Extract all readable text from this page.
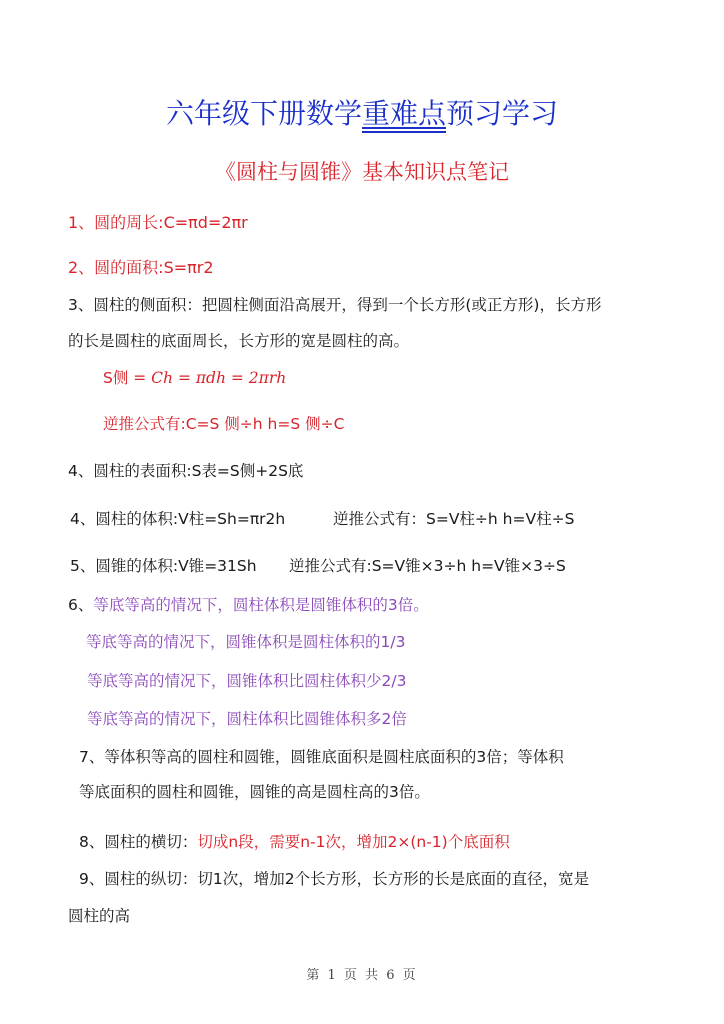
六年级下册数学重难点预习学习
《圆柱与圆锥》基本知识点笔记
1、圆的周长:C=πd=2πr
2、圆的面积:S=πr2
3、圆柱的侧面积：把圆柱侧面沿高展开，得到一个长方形(或正方形)，长方形
的长是圆柱的底面周长，长方形的宽是圆柱的高。
S侧 = Cℎ = πdℎ = 2πrℎ
逆推公式有:C=S 侧÷h h=S 侧÷C
4、圆柱的表面积:S表=S侧+2S底
4、圆柱的体积:V柱=Sh=πr2h	逆推公式有：S=V柱÷h h=V柱÷S
5、圆锥的体积:V锥=31Sh 逆推公式有:S=V锥×3÷h h=V锥×3÷S
6、等底等高的情况下，圆柱体积是圆锥体积的3倍。
等底等高的情况下，圆锥体积是圆柱体积的1/3
等底等高的情况下，圆锥体积比圆柱体积少2/3
等底等高的情况下，圆柱体积比圆锥体积多2倍
7、等体积等高的圆柱和圆锥，圆锥底面积是圆柱底面积的3倍；等体积
等底面积的圆柱和圆锥，圆锥的高是圆柱高的3倍。
8、圆柱的横切：切成n段，需要n-1次，增加2×(n-1)个底面积
9、圆柱的纵切：切1次，增加2个长方形，长方形的长是底面的直径，宽是
圆柱的高
第 1 页 共 6 页
